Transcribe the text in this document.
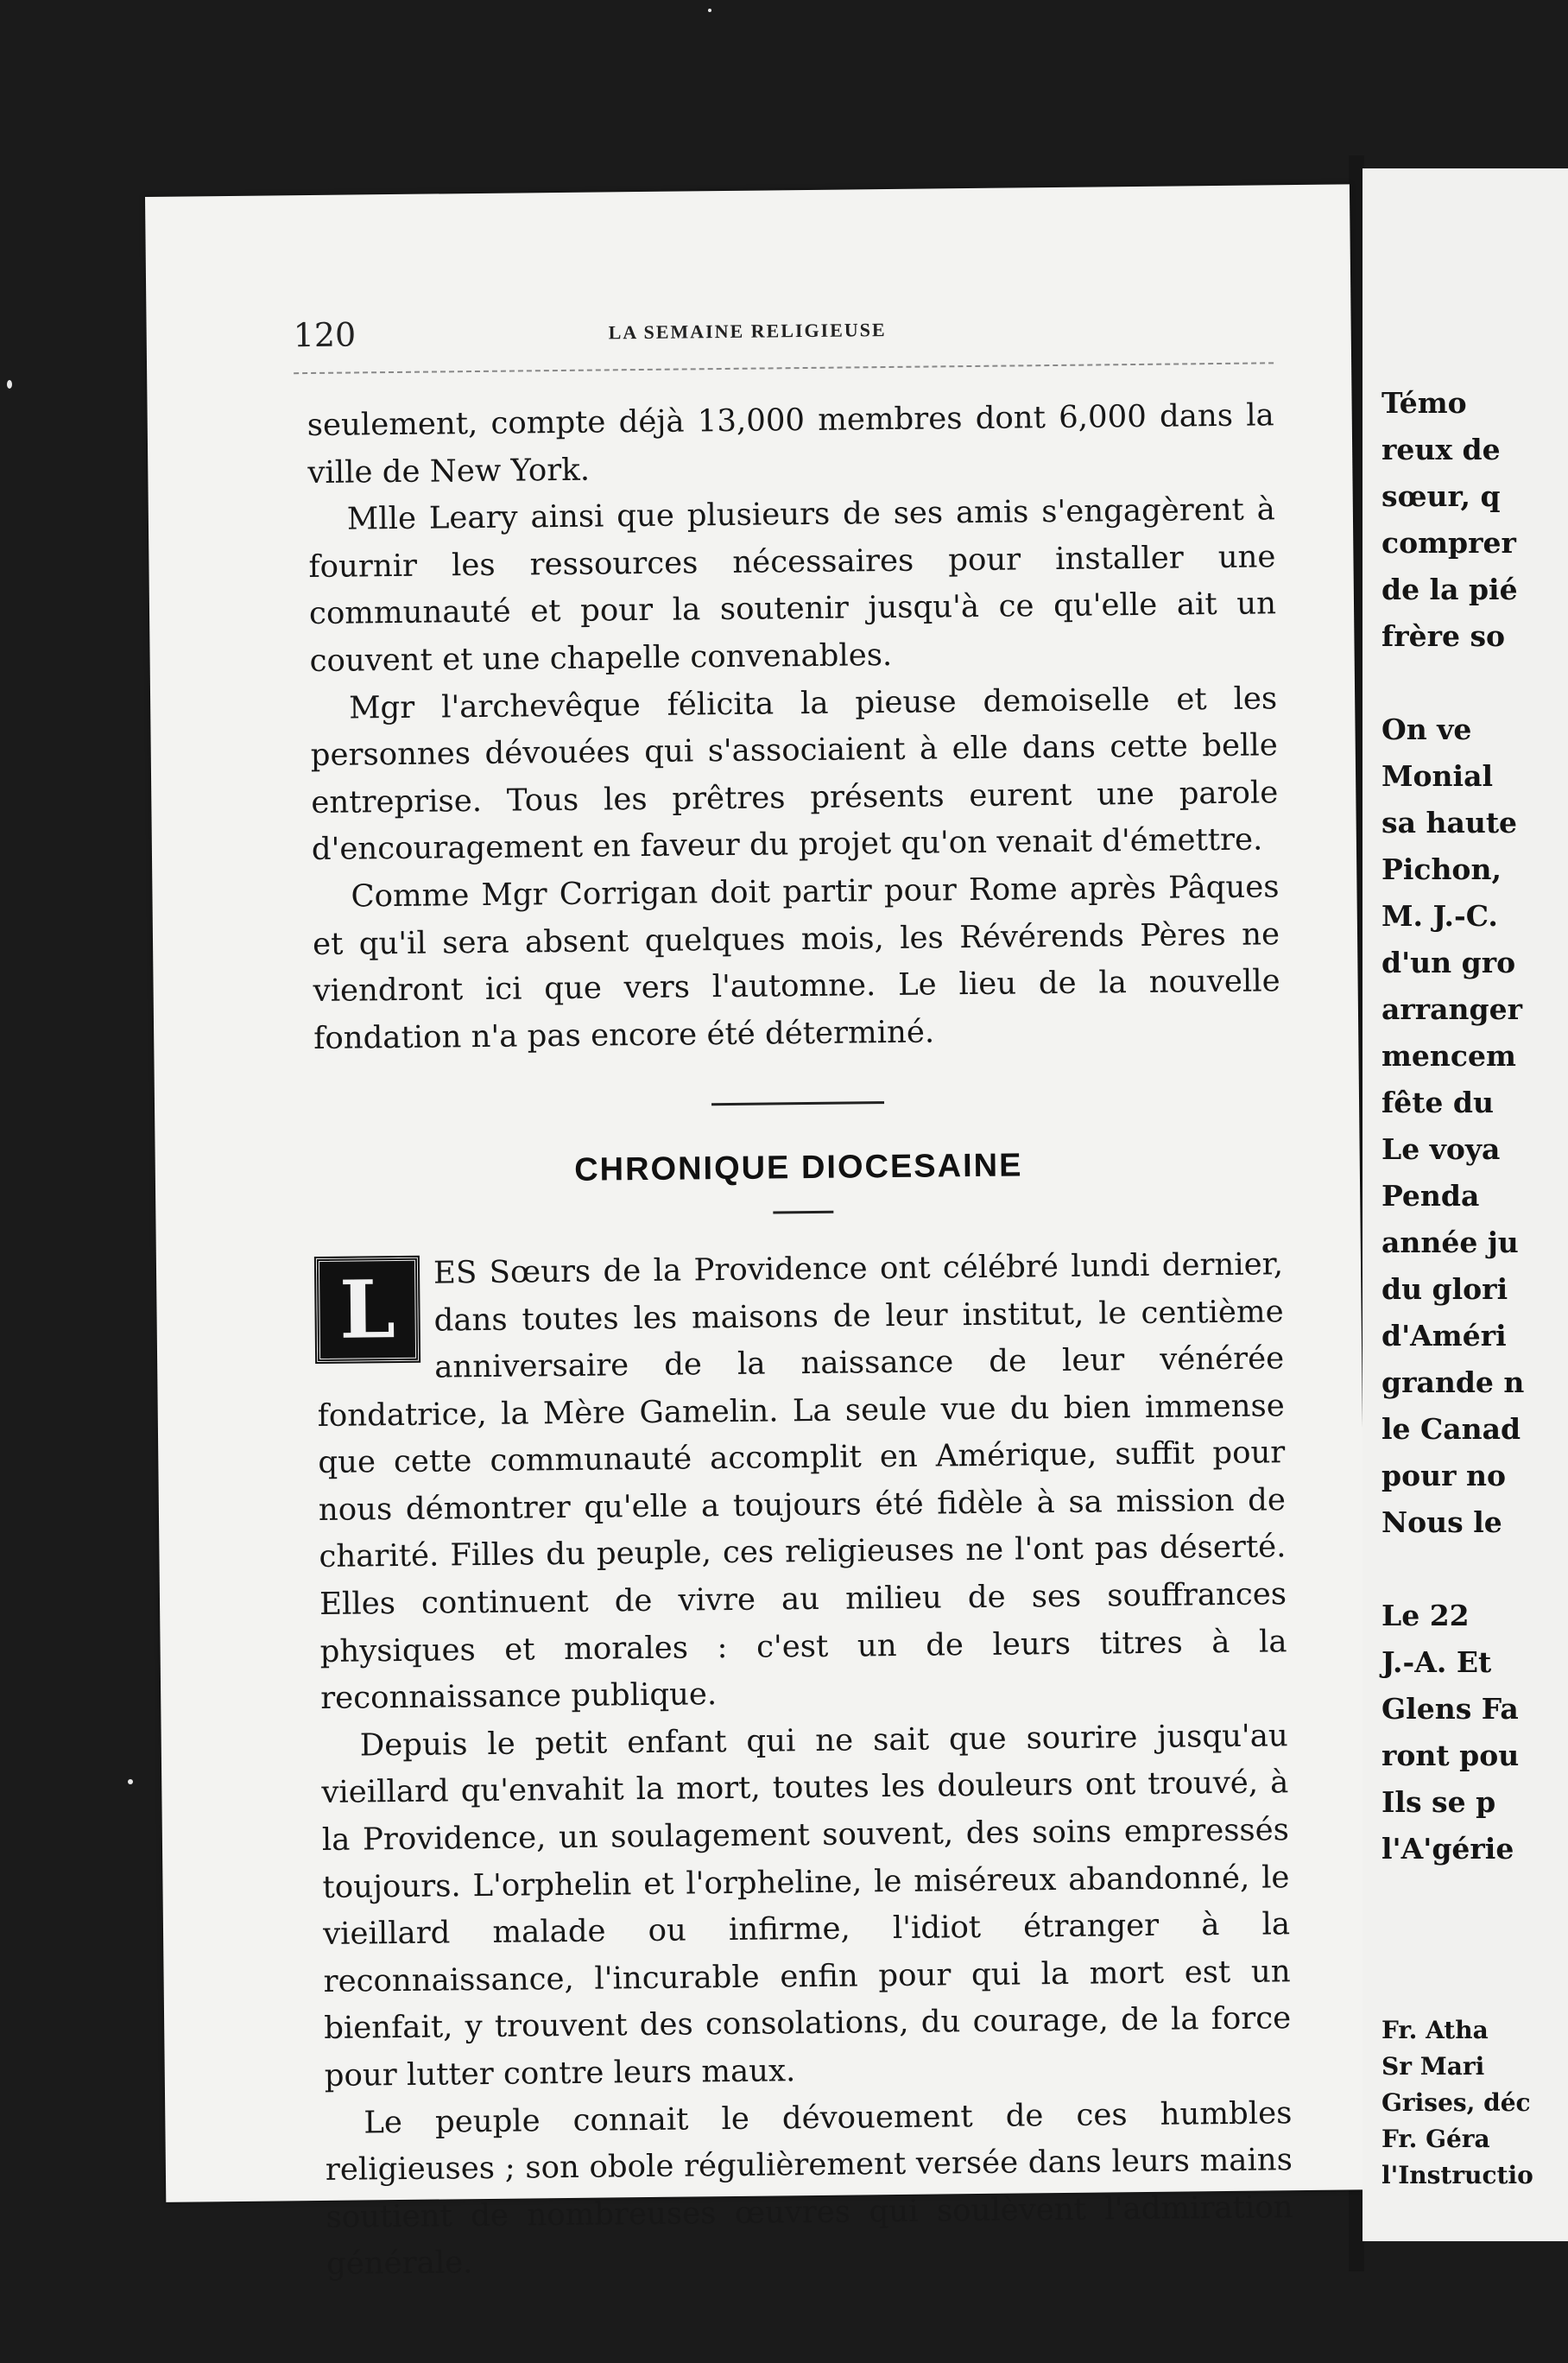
120	LA SEMAINE RELIGIEUSE

seulement, compte déjà 13,000 membres dont 6,000 dans la ville de New York.

Mlle Leary ainsi que plusieurs de ses amis s'engagèrent à fournir les ressources nécessaires pour installer une communauté et pour la soutenir jusqu'à ce qu'elle ait un couvent et une chapelle convenables.

Mgr l'archevêque félicita la pieuse demoiselle et les personnes dévouées qui s'associaient à elle dans cette belle entreprise. Tous les prêtres présents eurent une parole d'encouragement en faveur du projet qu'on venait d'émettre.

Comme Mgr Corrigan doit partir pour Rome après Pâques et qu'il sera absent quelques mois, les Révérends Pères ne viendront ici que vers l'automne. Le lieu de la nouvelle fondation n'a pas encore été déterminé.

CHRONIQUE DIOCESAINE

L	ES Sœurs de la Providence ont célébré lundi dernier, dans toutes les maisons de leur institut, le centième anniversaire de la naissance de leur vénérée fondatrice, la Mère Gamelin. La seule vue du bien immense que cette communauté accomplit en Amérique, suffit pour nous démontrer qu'elle a toujours été fidèle à sa mission de charité. Filles du peuple, ces religieuses ne l'ont pas déserté. Elles continuent de vivre au milieu de ses souffrances physiques et morales : c'est un de leurs titres à la reconnaissance publique.

Depuis le petit enfant qui ne sait que sourire jusqu'au vieillard qu'envahit la mort, toutes les douleurs ont trouvé, à la Providence, un soulagement souvent, des soins empressés toujours. L'orphelin et l'orpheline, le miséreux abandonné, le vieillard malade ou infirme, l'idiot étranger à la reconnaissance, l'incurable enfin pour qui la mort est un bienfait, y trouvent des consolations, du courage, de la force pour lutter contre leurs maux.

Le peuple connait le dévouement de ces humbles religieuses ; son obole régulièrement versée dans leurs mains soutient de nombreuses œuvres qui soulèvent l'admiration générale.

Témo
reux de
sœur, q
comprer
de la pié
frère so
On ve
Monial
sa haute
Pichon,
M. J.-C.
d'un gro
arranger
mencem
fête du
Le voya
Penda
année ju
du glori
d'Améri
grande n
le Canad
pour no
Nous le
Le 22
J.-A. Et
Glens Fa
ront pou
Ils se p
l'A'gérie
Fr. Atha
Sr Mari
Grises, déc
Fr. Géra
l'Instructio
